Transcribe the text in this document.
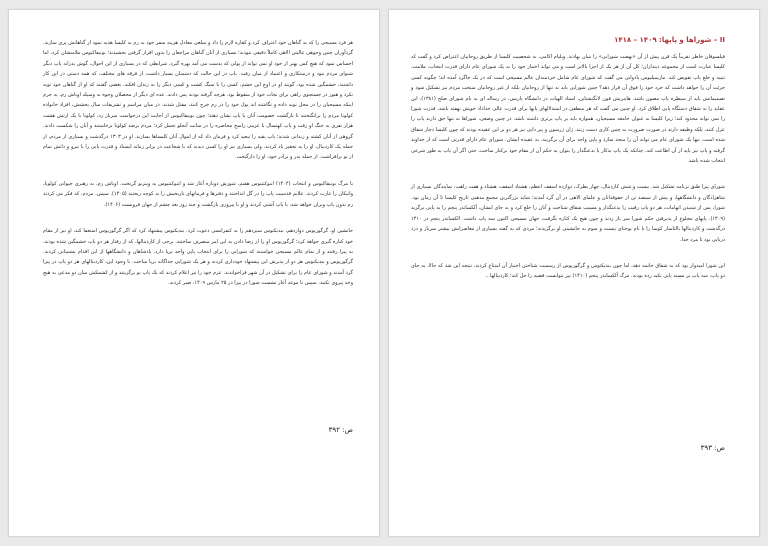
هر فرد مسیحی را که به گناهان خود اعتراف کرد و کفاره لازم را داد و مبلغی معادل هزینه سفر خود به رم به کلیسا هدیه نمود از گناهانش بری سازند. گردآوران چنین وجوهی عالیتن الاهی کاملاً دقیقی نبودند؛ بسیاری از آنان گناهان مراجعان را بدون اقرار گرفتن بخشیدند؛ بونیفاکیوس ملامتشان کرد، اما احساس نمود که هیچ کس بهتر از خود او نمی تواند از پولی که بدست می آمد بهره گیرد. شرایطی که در بسیاری از این احوال، گوش پدرانه پاپ دیگر شنوای مردم نبود و درستکاری و اعتماد از میان رفت. پاپ در این حالت که دشمنان بسیار داشت، از فرقه های مختلف، که همه دستی در این کار داشتند، خشمگین شده بود. گویند او در اوج این خشم، کسی را با سنگ کشت و کسی دیگر را به زندان افکند. بعضی گفتند که او از گناهان خود توبه نکرد و هنوز در جستجوی راهی برای نجات خود از سقوط بود. هرچه گرفته بودند پس دادند. عده ای دیگر از محصلان وجوه به وسیله اوباش رم، به جرم اینکه مسیحیان را در محل توبه داده و نگاشته اند پول خود را در رم خرج کنند، مقتل شدند. در میان مراسم و تشریفات سال بخشش، افراد خانواده کولونا مردم را برانگیختند تا بازگشت خصومت آنان با پاپ نشان دهند؛ چون بونیفاکیوس از اجابت این درخواست سرباز زد، کولونا با یک ارتش هشت هزار نفری به جنگ او رفت و پاپ کهنسال با عزمی راسخ محاصره را در سانت آنجلو تحمل کرد؛ مردم برضد کولونا برخاستند و آنان را شکست دادند. گروهی از آنان کشته و زندانی شدند؛ پاپ بقیه را تبعید کرد و فرمان داد که از اموال آنان کلیساها بسازند. او در ۱۳۰۳ درگذشت و بسیاری از مردم، از جمله یک کاردینال، او را به تحقیر یاد کردند. ولی بسیاری نیز او را کسی دیدند که با شجاعت در برابر زمانه ایستاد و قدرت پاپی را با نیرو و دانش تمام از نو برافراشت. از جمله پدر و برادر خود، او را دارگیخت.

با مرگ بونیفاکیوس و انتخاب (۱۴۰۴) اینوکنتیوس هفتم، شورش دوباره آغاز شد و اینوکنتیوس به ویتربو گریخت. اوباش رم، به رهبری جیوانی کولونا، واتیکان را غارت کردند. علایم قدسیت پاپ را در گل انداختند و دفترها و فرمانهای تاریخیش را به کوچه ریختند (۱۴۰۵). سپس، مردم، که فکر می کردند رم بدون پاپ ویران خواهد شد، با پاپ آشتی کردند و او با پیروزی بازگشت و چند روز بعد چشم از جهان فروبست (۱۴۰۶).

جانشین او، گرگوریوس دوازدهم، بندیکتوس سیزدهم را به کنفرانسی دعوت کرد. بندیکتوس پیشنهاد کرد که اگر گرگوریوس استعفا کند، او نیز از مقام خود کناره گیری خواهد کرد؛ گرگوریوس او را از رضا دادن به این امر منصرف ساختند. برخی از کاردینالها، که از رفتار هر دو پاپ خشمگین شده بودند، به پیزا رفتند و از تمام عالم مسیحی خواستند که شورایی را برای انتخاب پاپی واحد برپا دارد. پادشاهان و دانشگاهها از این اقدام پشتیبانی کردند. گرگوریوس و بندیکتوس هر دو از پذیرش این پیشنهاد خودداری کردند و هر یک شورایی جداگانه برپا ساخت. با وجود این، کاردینالهای هر دو پاپ در پیزا گرد آمدند و شورای عام را برای تشکیل در آن شهر فراخواندند. عزم خود را نیز اعلام کردند که یک پاپ نو برگزینند و از کشمکش میان دو مدعی به هیچ وجه پیروی نکنند. سپس تا موعد آغاز نشست شورا در پیزا در ۲۵ مارس ۱۴۰۹، صبر کردند.

ص: ۳۹۲
II – شوراها و پاپها: ۱۴۰۹ – ۱۴۱۸

فیلسوفان خاطر تقریباً یک قرن پیش از آن «نهضت شورایی» را بنیان نهادند. ویلیام اکامی، به شخصیت کلیسا از طریق روحانیان اعتراض کرد و گفت که کلیسا عبارت است از مجموعه دینداران؛ کل آن از هر یک از اجزا بالاتر است و می تواند اختیار خود را به یک شورای عام دارای قدرت انتخاب، ملامت، تنبیه و خلع پاپ تفویض کند. مارسیلیوس پادوایی می گفت که شورای عام شامل خردمندان عالم مسیحی است که در یک جاگرد آمده اند؛ چگونه کسی جرئت آن را خواهد داشت که خرد خود را فوق آن قرار دهد؟ چنین شورایی باید نه تنها از روحانیان بلکه از غیر روحانیان منتخب مردم نیز تشکیل شود و تصمیماتش باید از سیطره پاپ مصون باشد. هاینریش فون لانگنشتاین، استاد الهیات در دانشگاه پاریس، در رساله ای به نام شورای صلح (۱۳۸۱)، این عقاید را به شقاق دستگاه پاپی اطلاق کرد. او چنین می گفت که هر منطقی در استدلالهای پاپها برای قدرت عالی خداداد خویش نهفته باشد، قدرت شورا را نمی تواند محدود کند؛ زیرا کلیسا به عنوان جامعه مسیحیان، همواره باید بر پاپ برتری داشته باشد. در چنین وضعی، شوراها نه تنها حق دارند پاپ را عزل کنند، بلکه وظیفه دارند در صورت ضرورت به چنین کاری دست زنند. ژان ژرسون و پیر دایی نیز هر دو بر این عقیده بودند که چون کلیسا دچار شقاق شده است، تنها یک شورای عام می تواند آن را متحد سازد و پاپی واحد برای آن برگزیند. به عقیده ایشان، شورای عام دارای قدرتی است که از خداوند گرفته و پاپ نیز باید از آن اطاعت کند، چنانکه یک پاپ بدکار یا بدعتگذار را بتوان به حکم آن از مقام خود برکنار ساخت، حتی اگر آن پاپ به طور شرعی انتخاب شده باشد.

شورای پیزا طبق برنامه تشکیل شد. بیست و شش کاردینال، چهار بطرک، دوازده اسقف اعظم، هشتاد اسقف، هشتاد و هفت راهب، نمایندگان بسیاری از شاهزادگان و دانشگاهها، و بیش از سیصد تن از حقوقدانان و علمای الاهی در آن گرد آمدند؛ شاید بزرگترین مجمع مذهبی تاریخ کلیسا تا آن زمان بود. شورا، پس از شنیدن اتهامات، هر دو پاپ رقیب را بدعتگذار و مسبب شقاق شناخت و آنان را خلع کرد و به جای ایشان، آلکساندر پنجم را به پاپی برگزید (۱۴۰۹). پاپهای مخلوع از پذیرفتن حکم شورا سر باز زدند و چون هیچ یک کناره نگرفت، جهان مسیحی اکنون سه پاپ داشت. الکساندر پنجم در ۱۴۱۰ درگذشت و کاردینالها بالتاسار کوسا را با نام یوحنای بیست و سوم به جانشینی او برگزیدند؛ مردی که به گفته بسیاری از معاصرانش بیشتر سرباز و دزد دریایی بود تا مرد خدا.

این شورا امیدوار بود که به شقاق خاتمه دهد، اما چون بندیکتوس و گرگوریوس از رسمیت شناختن اختیار آن امتناع کردند، نتیجه این شد که حالا، به جای دو پاپ، سه پاپ بر مسند پاپی تکیه زده بودند. مرگ آلکساندر پنجم (۱۴۱۰) نیز نتوانست قضیه را حل کند؛ کاردینالها...

ص: ۳۹۳
